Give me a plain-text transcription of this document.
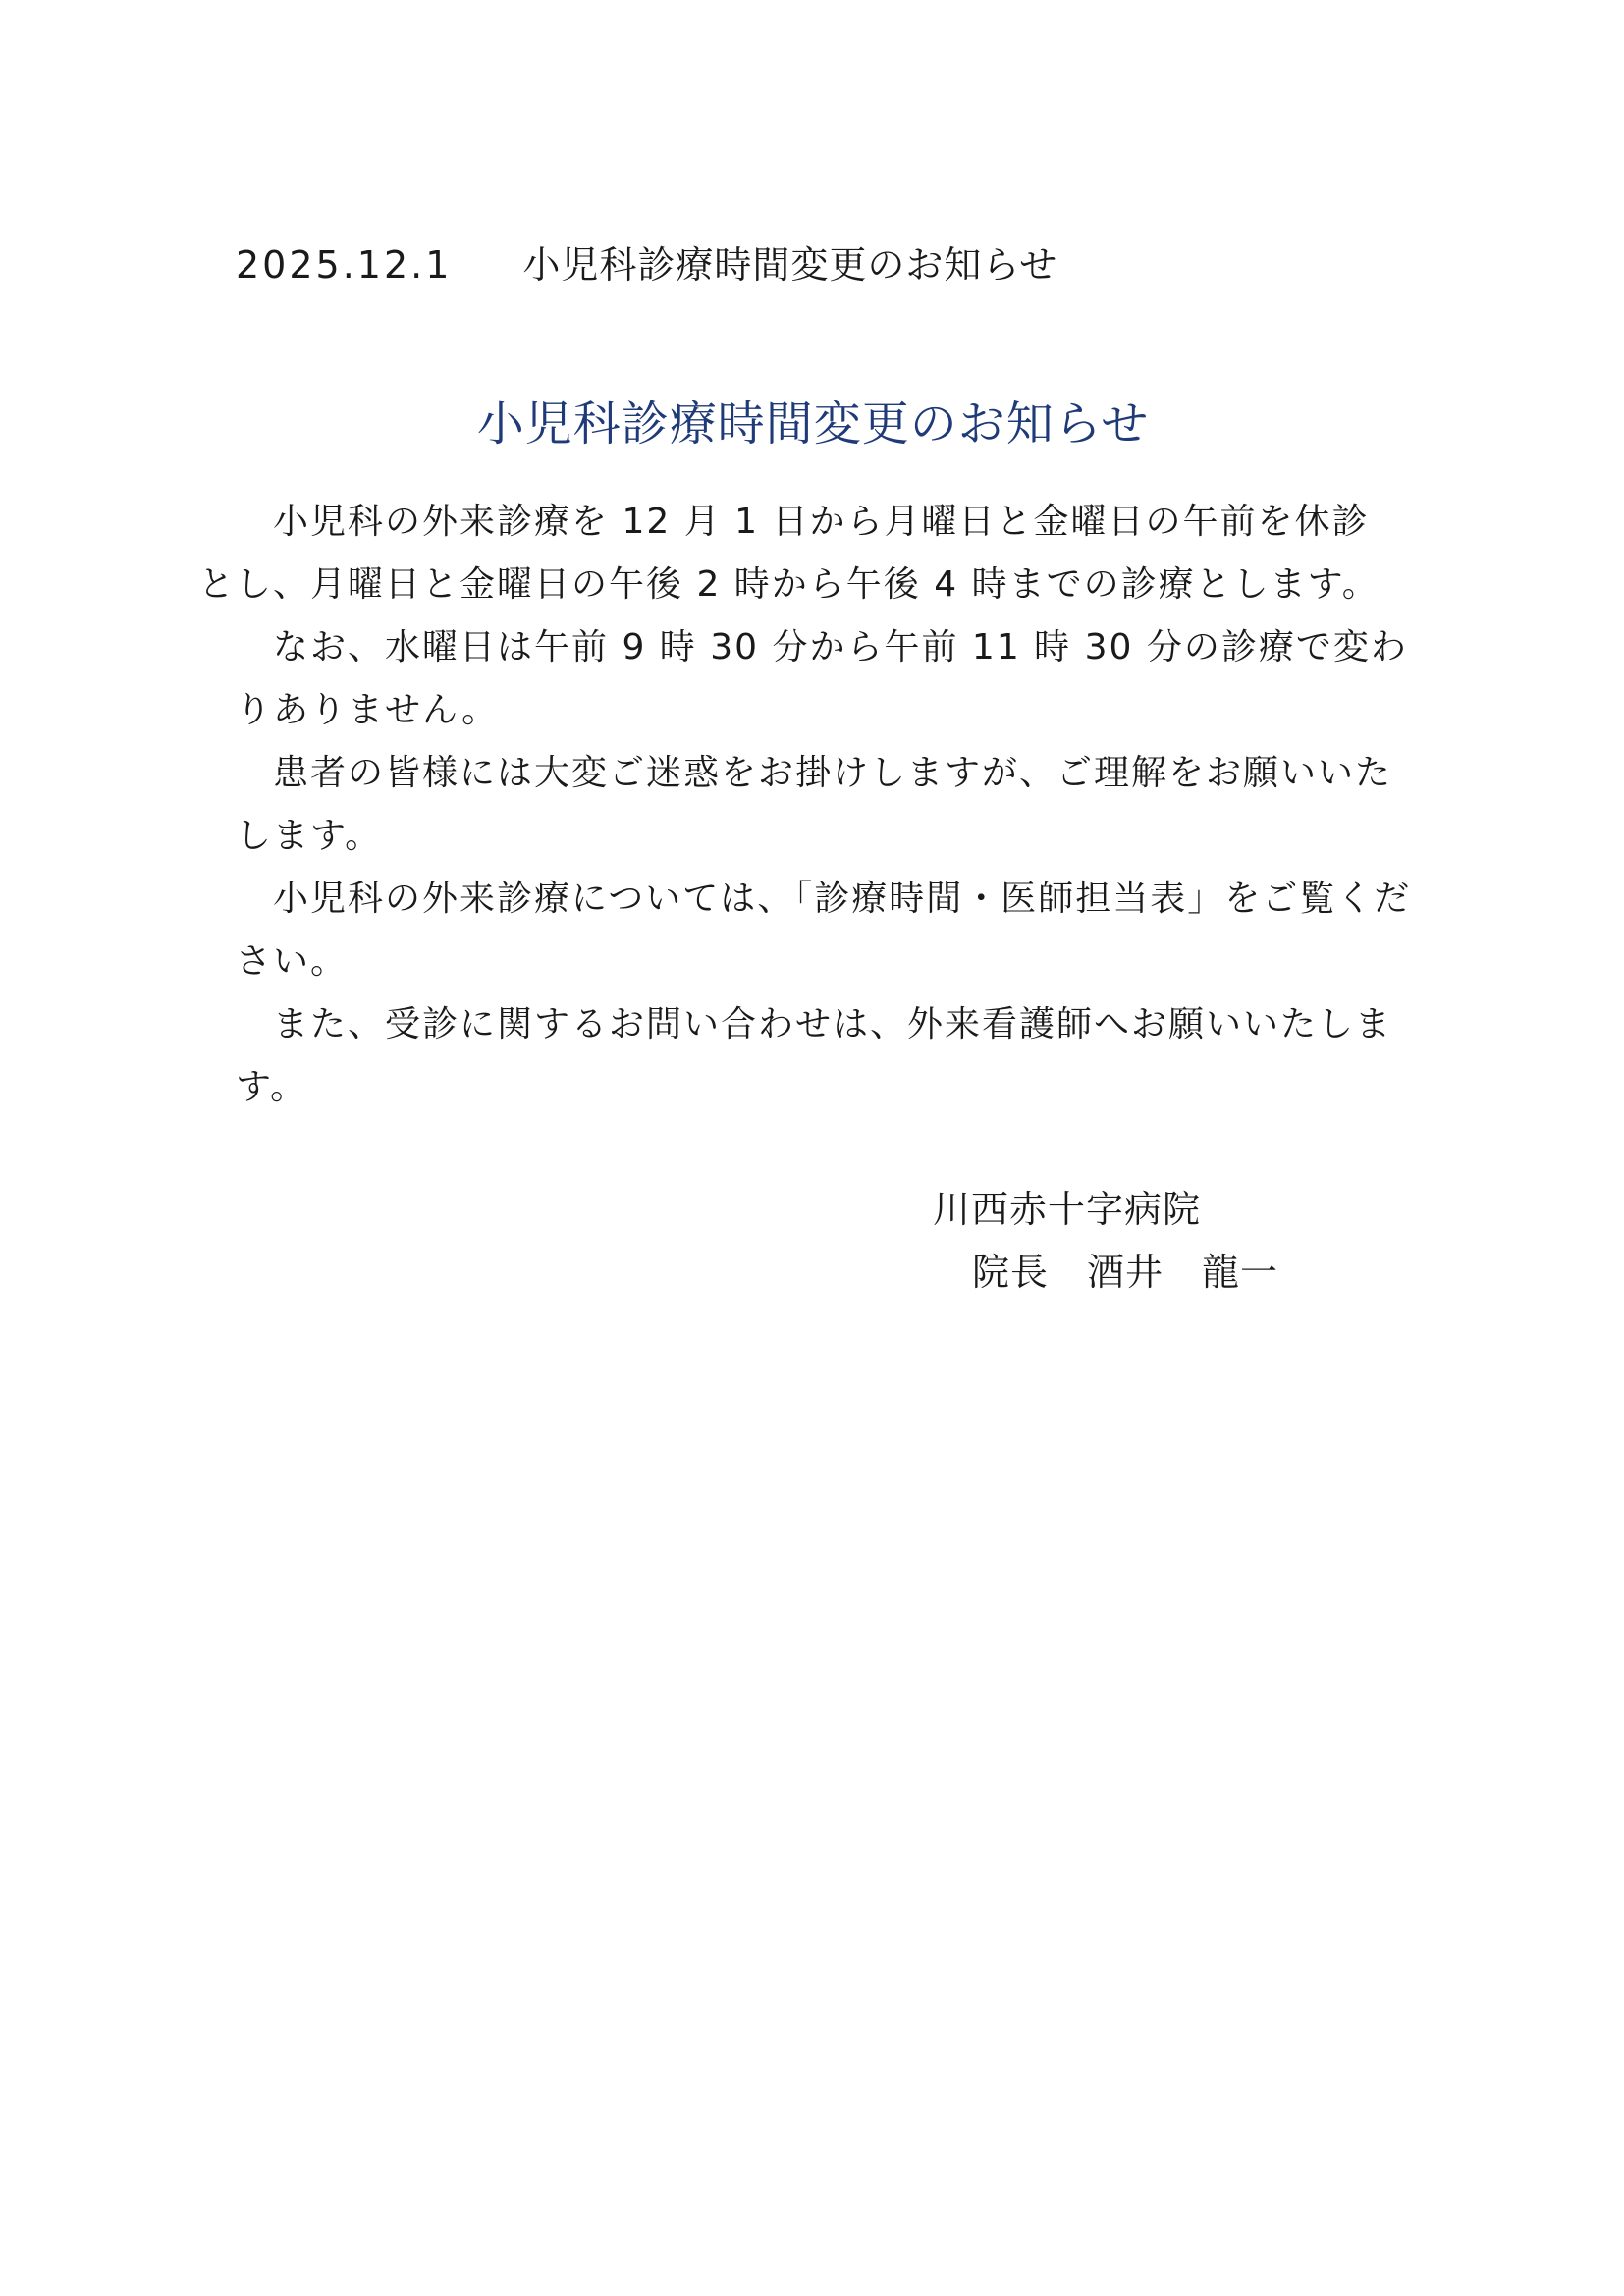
2025.12.1 小児科診療時間変更のお知らせ
小児科診療時間変更のお知らせ

小児科の外来診療を 12 月 1 日から月曜日と金曜日の午前を休診
とし、月曜日と金曜日の午後 2 時から午後 4 時までの診療とします。

なお、水曜日は午前 9 時 30 分から午前 11 時 30 分の診療で変わ
りありません。

患者の皆様には大変ご迷惑をお掛けしますが、ご理解をお願いいた
します。

小児科の外来診療については、「診療時間・医師担当表」をご覧くだ
さい。

また、受診に関するお問い合わせは、外来看護師へお願いいたしま
す。

川西赤十字病院
院長　酒井　龍一
